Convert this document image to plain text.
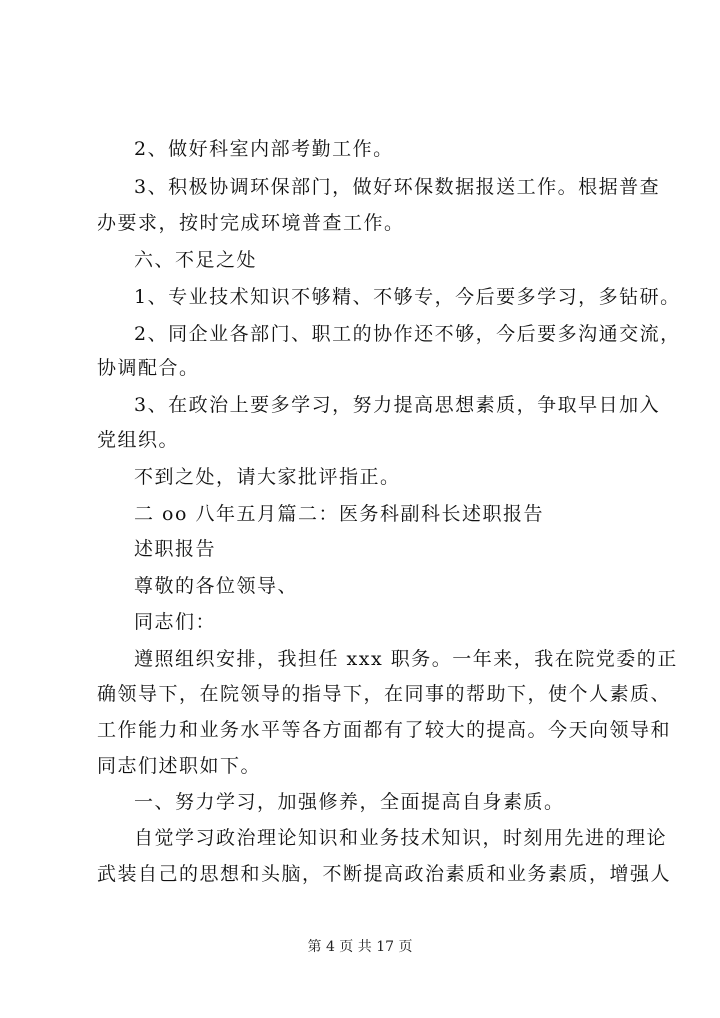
2、做好科室内部考勤工作。
3、积极协调环保部门，做好环保数据报送工作。根据普查
办要求，按时完成环境普查工作。
六、不足之处
1、专业技术知识不够精、不够专，今后要多学习，多钻研。
2、同企业各部门、职工的协作还不够，今后要多沟通交流，
协调配合。
3、在政治上要多学习，努力提高思想素质，争取早日加入
党组织。
不到之处，请大家批评指正。
二 oo 八年五月篇二：医务科副科长述职报告
述职报告
尊敬的各位领导、
同志们：
遵照组织安排，我担任 xxx 职务。一年来，我在院党委的正
确领导下，在院领导的指导下，在同事的帮助下，使个人素质、
工作能力和业务水平等各方面都有了较大的提高。今天向领导和
同志们述职如下。
一、努力学习，加强修养，全面提高自身素质。
自觉学习政治理论知识和业务技术知识，时刻用先进的理论
武装自己的思想和头脑，不断提高政治素质和业务素质，增强人
第 4 页 共 17 页
